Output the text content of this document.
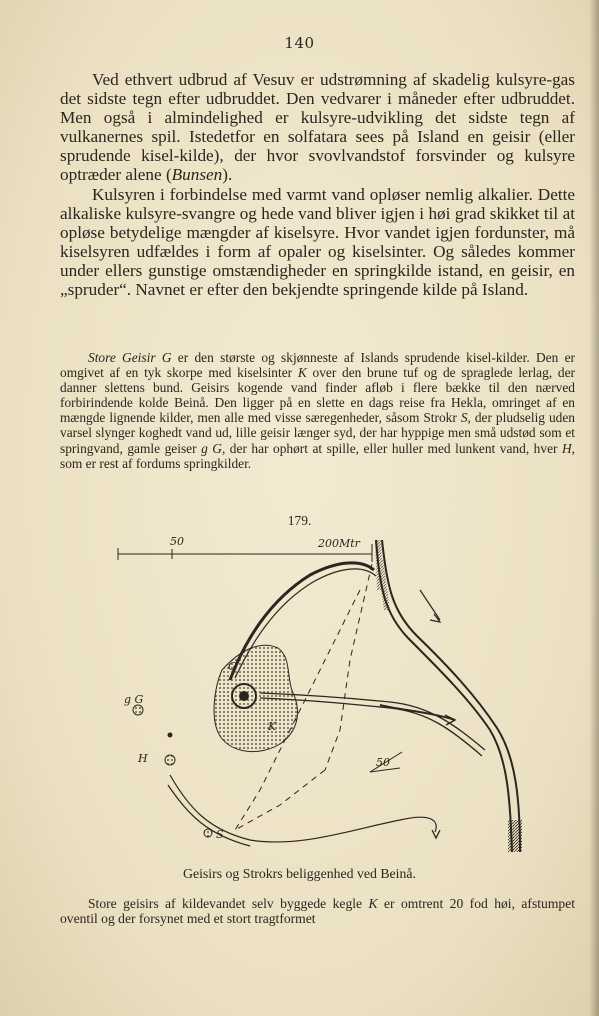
140

Ved ethvert udbrud af Vesuv er udstrømning af skadelig kulsyre-gas det sidste tegn efter udbruddet. Den vedvarer i måneder efter udbruddet. Men også i almindelighed er kulsyre-udvikling det sidste tegn af vulkanernes spil. Istedetfor en solfatara sees på Island en geisir (eller sprudende kisel-kilde), der hvor svovlvandstof forsvinder og kulsyre optræder alene (Bunsen).

Kulsyren i forbindelse med varmt vand opløser nemlig alkalier. Dette alkaliske kulsyre-svangre og hede vand bliver igjen i høi grad skikket til at opløse betydelige mængder af kiselsyre. Hvor vandet igjen fordunster, må kiselsyren udfældes i form af opaler og kiselsinter. Og således kommer under ellers gunstige omstændigheder en springkilde istand, en geisir, en „spruder“. Navnet er efter den bekjendte springende kilde på Island.

Store Geisir G er den største og skjønneste af Islands sprudende kisel-kilder. Den er omgivet af en tyk skorpe med kiselsinter K over den brune tuf og de spraglede lerlag, der danner slettens bund. Geisirs kogende vand finder afløb i flere bække til den nærved forbirindende kolde Beinå. Den ligger på en slette en dags reise fra Hekla, omringet af en mængde lignende kilder, men alle med visse særegenheder, såsom Strokr S, der pludselig uden varsel slynger koghedt vand ud, lille geisir længer syd, der har hyppige men små udstød som et springvand, gamle geiser g G, der har ophørt at spille, eller huller med lunkent vand, hver H, som er rest af fordums springkilder.

179.
50	200Mtr
G
K
g G
H
S
50
Geisirs og Strokrs beliggenhed ved Beinå.

Store geisirs af kildevandet selv byggede kegle K er omtrent 20 fod høi, afstumpet oventil og der forsynet med et stort tragtformet
